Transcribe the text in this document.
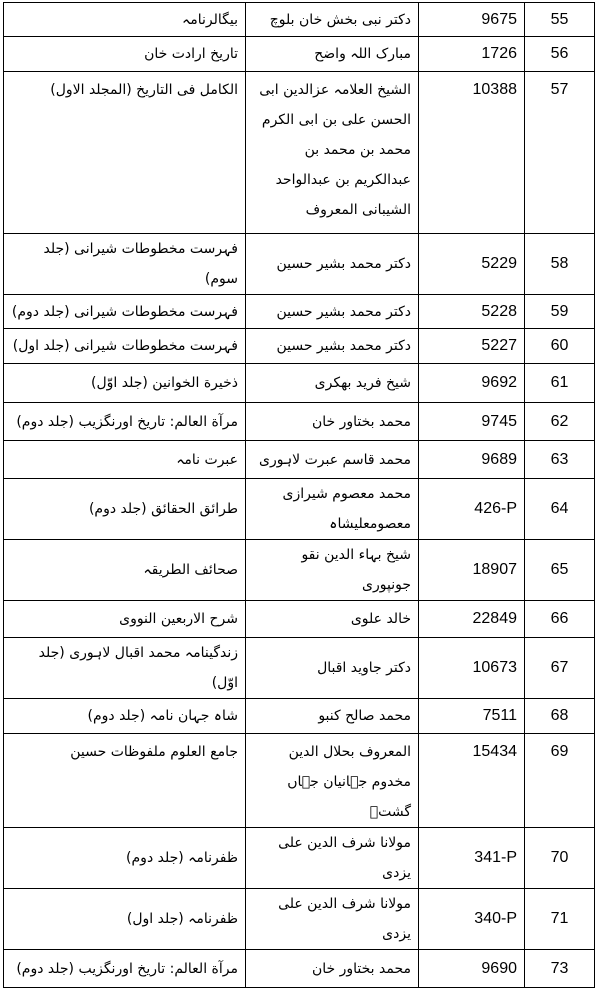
بیگالرنامہ	دکتر نبی بخش خان بلوچ	9675	55
تاریخ ارادت خان	مبارک اللہ واضح	1726	56
الکامل فی التاریخ (المجلد الاول)	الشیخ العلامہ عزالدین ابی الحسن علی بن ابی الکرم محمد بن محمد بن عبدالکریم بن عبدالواحد الشیبانی المعروف	10388	57
فہرست مخطوطات شیرانی (جلد سوم)	دکتر محمد بشیر حسین	5229	58
فہرست مخطوطات شیرانی (جلد دوم)	دکتر محمد بشیر حسین	5228	59
فہرست مخطوطات شیرانی (جلد اول)	دکتر محمد بشیر حسین	5227	60
ذخیرة الخوانین (جلد اوّل)	شیخ فرید بھکری	9692	61
مرآة العالم: تاریخ اورنگزیب (جلد دوم)	محمد بختاور خان	9745	62
عبرت نامہ	محمد قاسم عبرت لاہوری	9689	63
طرائق الحقائق (جلد دوم)	محمد معصوم شیرازی معصومعلیشاہ	426-P	64
صحائف الطریقہ	شیخ بہاء الدین نقو جونپوری	18907	65
شرح الاربعین النووی	خالد علوی	22849	66
زندگینامہ محمد اقبال لاہوری (جلد اوّل)	دکتر جاوید اقبال	10673	67
شاہ جہان نامہ (جلد دوم)	محمد صالح کنبو	7511	68
جامع العلوم ملفوظات حسین	المعروف بحلال الدین مخدوم جہانیان جہاں گشتؒ	15434	69
ظفرنامہ (جلد دوم)	مولانا شرف الدین علی یزدی	341-P	70
ظفرنامہ (جلد اول)	مولانا شرف الدین علی یزدی	340-P	71
مرآة العالم: تاریخ اورنگزیب (جلد دوم)	محمد بختاور خان	9690	73
